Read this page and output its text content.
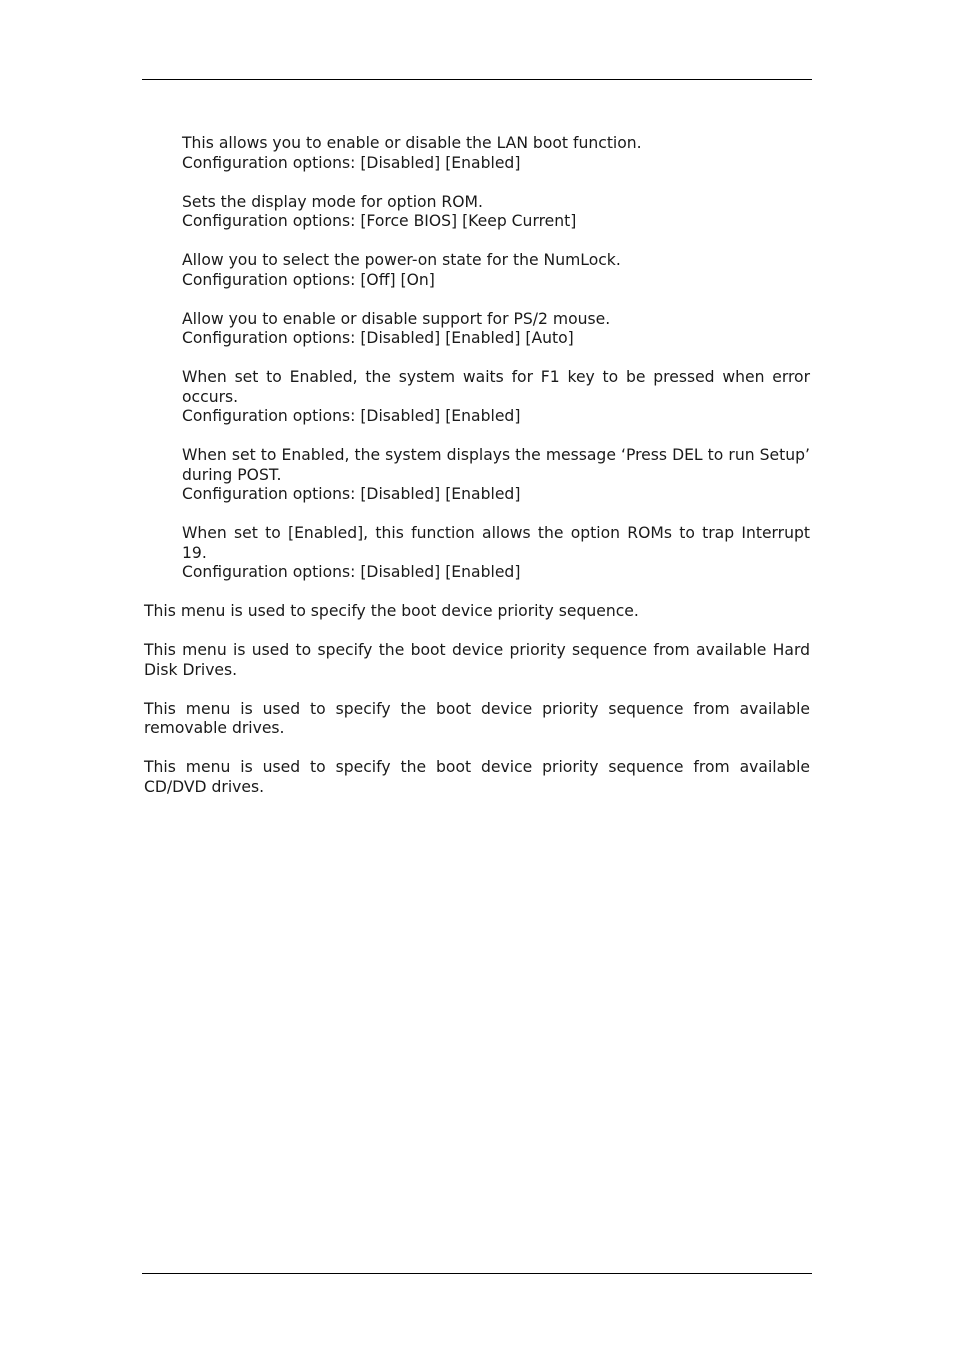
This allows you to enable or disable the LAN boot function.

Configuration options: [Disabled] [Enabled]

Sets the display mode for option ROM.

Configuration options: [Force BIOS] [Keep Current]

Allow you to select the power-on state for the NumLock.

Configuration options: [Off] [On]

Allow you to enable or disable support for PS/2 mouse.

Configuration options: [Disabled] [Enabled] [Auto]

When set to Enabled, the system waits for F1 key to be pressed when error occurs.

Configuration options: [Disabled] [Enabled]

When set to Enabled, the system displays the message ‘Press DEL to run Setup’ during POST.

Configuration options: [Disabled] [Enabled]

When set to [Enabled], this function allows the option ROMs to trap Interrupt 19.

Configuration options: [Disabled] [Enabled]

This menu is used to specify the boot device priority sequence.

This menu is used to specify the boot device priority sequence from available Hard Disk Drives.

This menu is used to specify the boot device priority sequence from available removable drives.

This menu is used to specify the boot device priority sequence from available CD/DVD drives.
